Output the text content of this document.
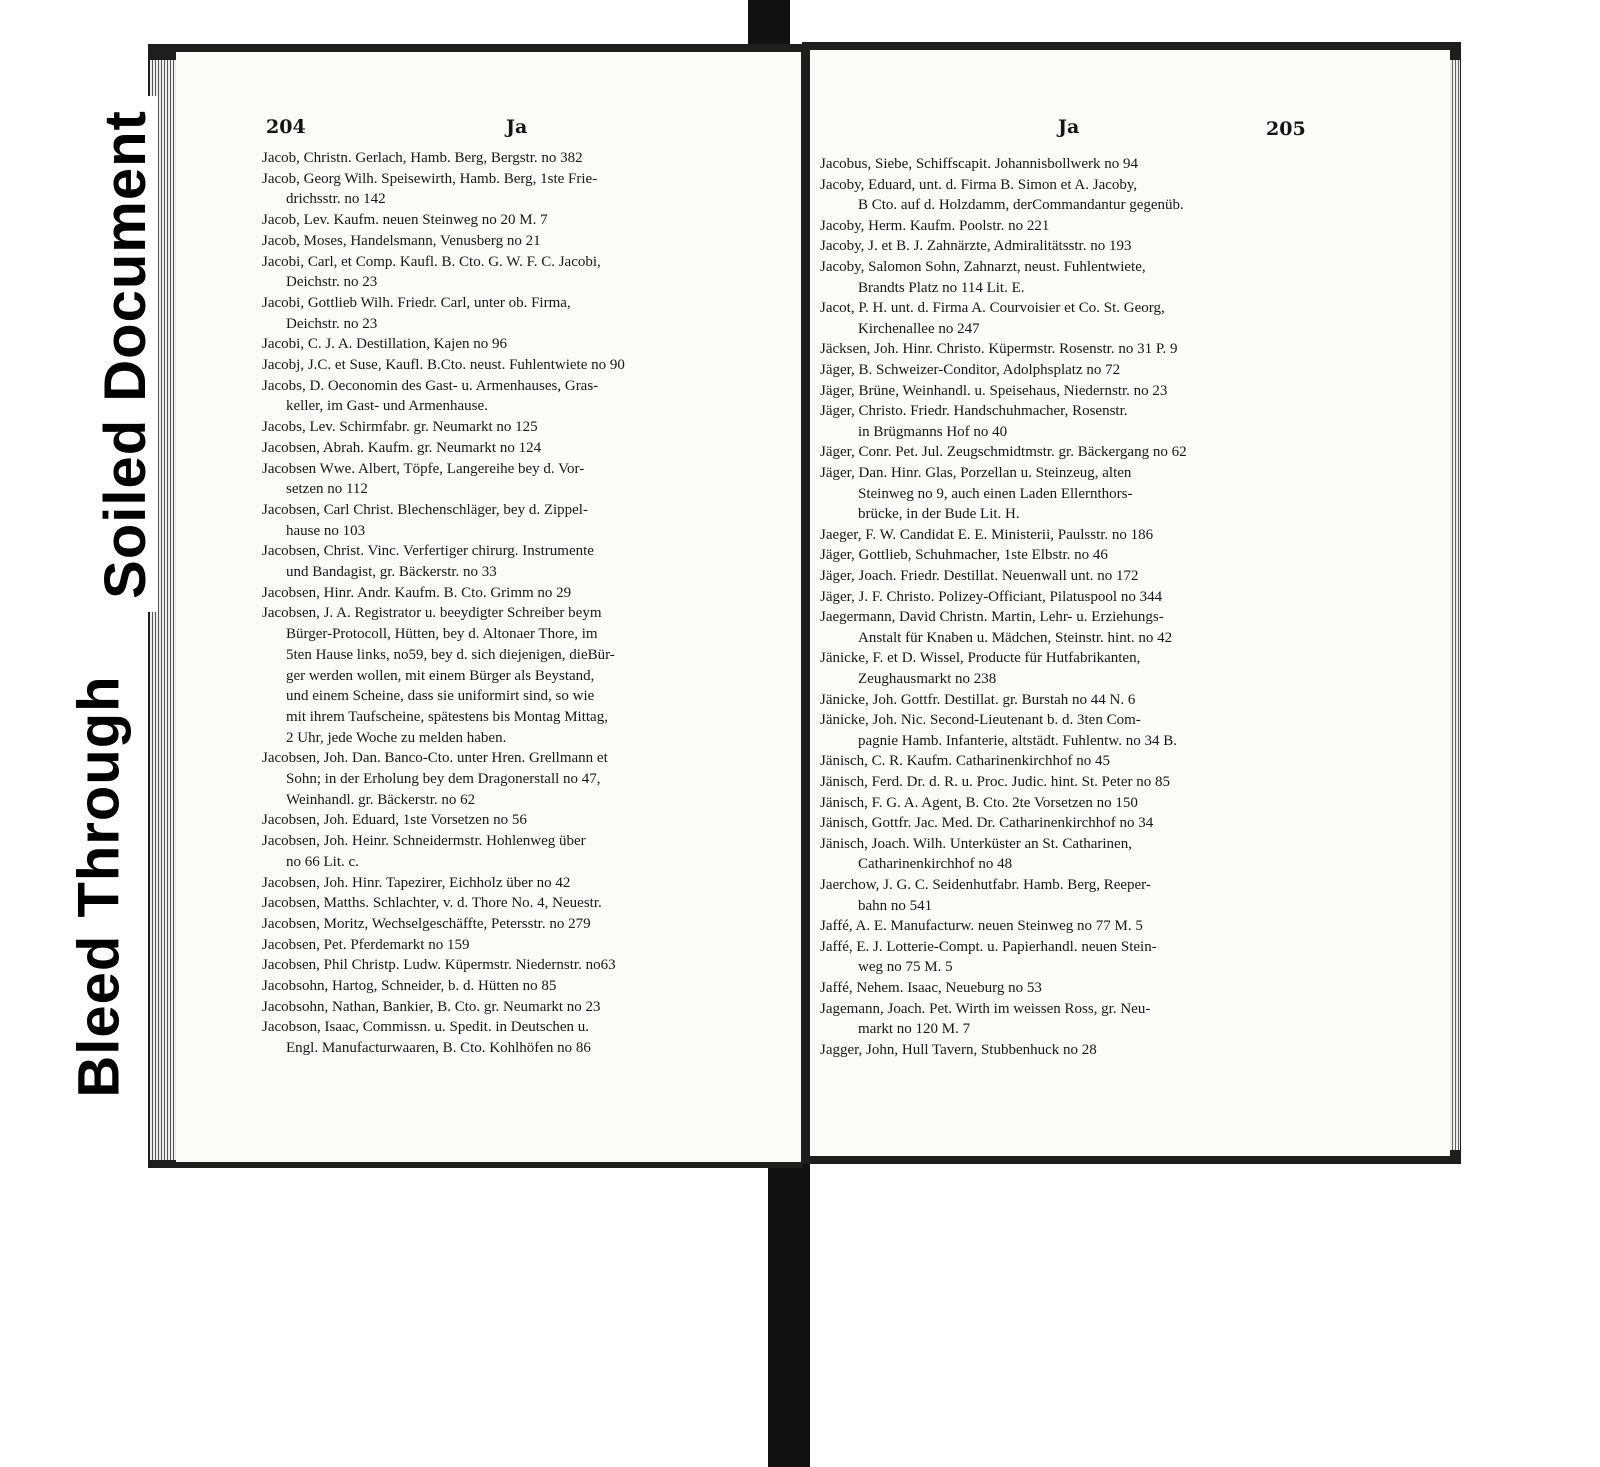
204	Ja
Jacob, Christn. Gerlach, Hamb. Berg, Bergstr. no 382
Jacob, Georg Wilh. Speisewirth, Hamb. Berg, 1ste Frie-
drichsstr. no 142
Jacob, Lev. Kaufm. neuen Steinweg no 20 M. 7
Jacob, Moses, Handelsmann, Venusberg no 21
Jacobi, Carl, et Comp. Kaufl. B. Cto. G. W. F. C. Jacobi,
Deichstr. no 23
Jacobi, Gottlieb Wilh. Friedr. Carl, unter ob. Firma,
Deichstr. no 23
Jacobi, C. J. A. Destillation, Kajen no 96
Jacobj, J.C. et Suse, Kaufl. B.Cto. neust. Fuhlentwiete no 90
Jacobs, D. Oeconomin des Gast- u. Armenhauses, Gras-
keller, im Gast- und Armenhause.
Jacobs, Lev. Schirmfabr. gr. Neumarkt no 125
Jacobsen, Abrah. Kaufm. gr. Neumarkt no 124
Jacobsen Wwe. Albert, Töpfe, Langereihe bey d. Vor-
setzen no 112
Jacobsen, Carl Christ. Blechenschläger, bey d. Zippel-
hause no 103
Jacobsen, Christ. Vinc. Verfertiger chirurg. Instrumente
und Bandagist, gr. Bäckerstr. no 33
Jacobsen, Hinr. Andr. Kaufm. B. Cto. Grimm no 29
Jacobsen, J. A. Registrator u. beeydigter Schreiber beym
Bürger-Protocoll, Hütten, bey d. Altonaer Thore, im
5ten Hause links, no59, bey d. sich diejenigen, dieBür-
ger werden wollen, mit einem Bürger als Beystand,
und einem Scheine, dass sie uniformirt sind, so wie
mit ihrem Taufscheine, spätestens bis Montag Mittag,
2 Uhr, jede Woche zu melden haben.
Jacobsen, Joh. Dan. Banco-Cto. unter Hren. Grellmann et
Sohn; in der Erholung bey dem Dragonerstall no 47,
Weinhandl. gr. Bäckerstr. no 62
Jacobsen, Joh. Eduard, 1ste Vorsetzen no 56
Jacobsen, Joh. Heinr. Schneidermstr. Hohlenweg über
no 66 Lit. c.
Jacobsen, Joh. Hinr. Tapezirer, Eichholz über no 42
Jacobsen, Matths. Schlachter, v. d. Thore No. 4, Neuestr.
Jacobsen, Moritz, Wechselgeschäffte, Petersstr. no 279
Jacobsen, Pet. Pferdemarkt no 159
Jacobsen, Phil Christp. Ludw. Küpermstr. Niedernstr. no63
Jacobsohn, Hartog, Schneider, b. d. Hütten no 85
Jacobsohn, Nathan, Bankier, B. Cto. gr. Neumarkt no 23
Jacobson, Isaac, Commissn. u. Spedit. in Deutschen u.
Engl. Manufacturwaaren, B. Cto. Kohlhöfen no 86
Ja	205
Jacobus, Siebe, Schiffscapit. Johannisbollwerk no 94
Jacoby, Eduard, unt. d. Firma B. Simon et A. Jacoby,
B Cto. auf d. Holzdamm, derCommandantur gegenüb.
Jacoby, Herm. Kaufm. Poolstr. no 221
Jacoby, J. et B. J. Zahnärzte, Admiralitätsstr. no 193
Jacoby, Salomon Sohn, Zahnarzt, neust. Fuhlentwiete,
Brandts Platz no 114 Lit. E.
Jacot, P. H. unt. d. Firma A. Courvoisier et Co. St. Georg,
Kirchenallee no 247
Jäcksen, Joh. Hinr. Christo. Küpermstr. Rosenstr. no 31 P. 9
Jäger, B. Schweizer-Conditor, Adolphsplatz no 72
Jäger, Brüne, Weinhandl. u. Speisehaus, Niedernstr. no 23
Jäger, Christo. Friedr. Handschuhmacher, Rosenstr.
in Brügmanns Hof no 40
Jäger, Conr. Pet. Jul. Zeugschmidtmstr. gr. Bäckergang no 62
Jäger, Dan. Hinr. Glas, Porzellan u. Steinzeug, alten
Steinweg no 9, auch einen Laden Ellernthors-
brücke, in der Bude Lit. H.
Jaeger, F. W. Candidat E. E. Ministerii, Paulsstr. no 186
Jäger, Gottlieb, Schuhmacher, 1ste Elbstr. no 46
Jäger, Joach. Friedr. Destillat. Neuenwall unt. no 172
Jäger, J. F. Christo. Polizey-Officiant, Pilatuspool no 344
Jaegermann, David Christn. Martin, Lehr- u. Erziehungs-
Anstalt für Knaben u. Mädchen, Steinstr. hint. no 42
Jänicke, F. et D. Wissel, Producte für Hutfabrikanten,
Zeughausmarkt no 238
Jänicke, Joh. Gottfr. Destillat. gr. Burstah no 44 N. 6
Jänicke, Joh. Nic. Second-Lieutenant b. d. 3ten Com-
pagnie Hamb. Infanterie, altstädt. Fuhlentw. no 34 B.
Jänisch, C. R. Kaufm. Catharinenkirchhof no 45
Jänisch, Ferd. Dr. d. R. u. Proc. Judic. hint. St. Peter no 85
Jänisch, F. G. A. Agent, B. Cto. 2te Vorsetzen no 150
Jänisch, Gottfr. Jac. Med. Dr. Catharinenkirchhof no 34
Jänisch, Joach. Wilh. Unterküster an St. Catharinen,
Catharinenkirchhof no 48
Jaerchow, J. G. C. Seidenhutfabr. Hamb. Berg, Reeper-
bahn no 541
Jaffé, A. E. Manufacturw. neuen Steinweg no 77 M. 5
Jaffé, E. J. Lotterie-Compt. u. Papierhandl. neuen Stein-
weg no 75 M. 5
Jaffé, Nehem. Isaac, Neueburg no 53
Jagemann, Joach. Pet. Wirth im weissen Ross, gr. Neu-
markt no 120 M. 7
Jagger, John, Hull Tavern, Stubbenhuck no 28
Soiled Document
Bleed Through
